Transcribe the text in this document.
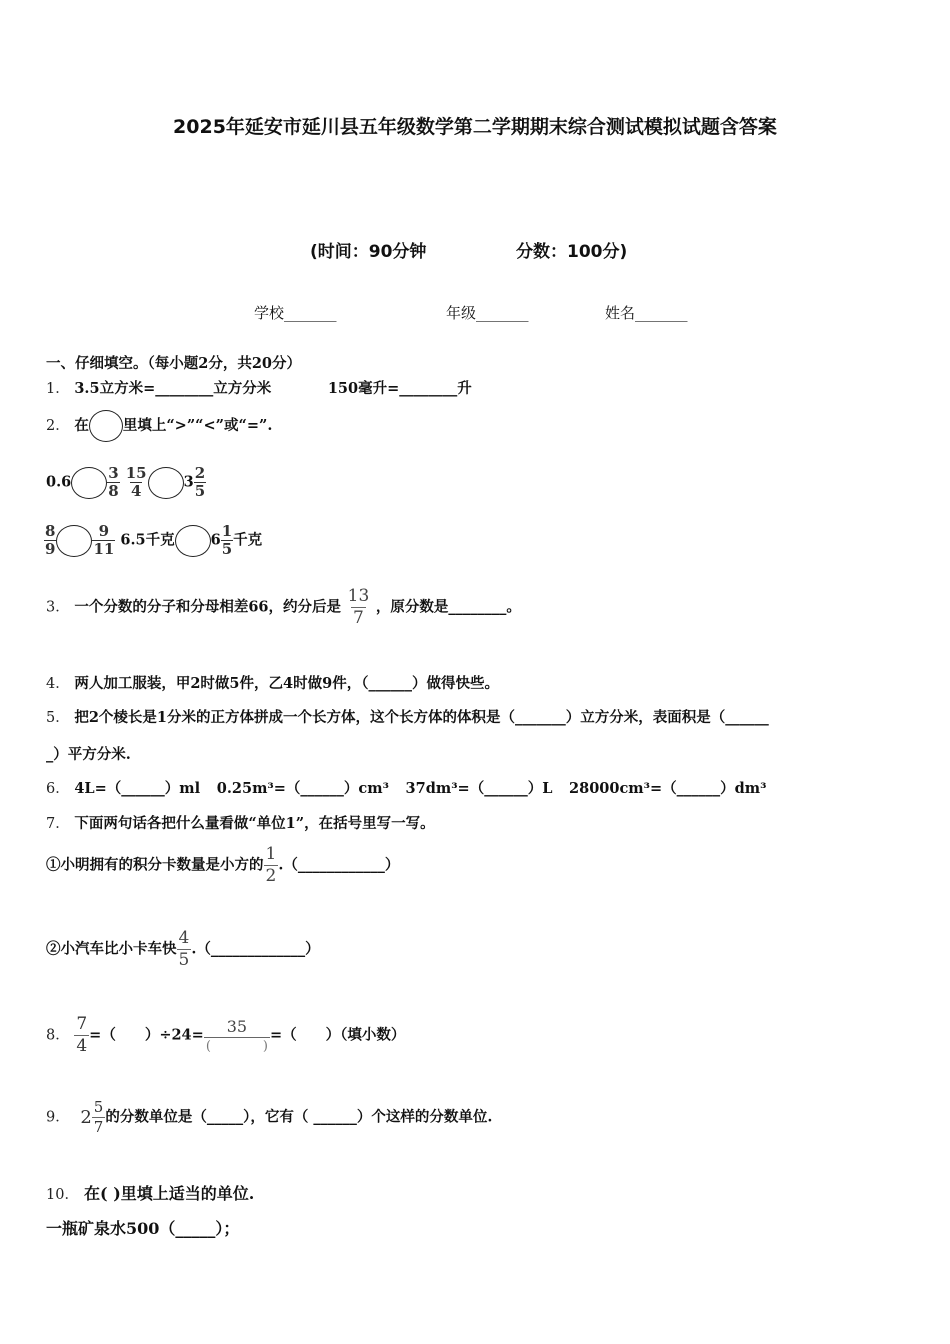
2025年延安市延川县五年级数学第二学期期末综合测试模拟试题含答案
(时间：90分钟	分数：100分)
学校_______	年级_______	姓名_______
一、仔细填空。（每小题2分，共20分）
1． 3.5立方米=________立方分米	150毫升=________升
2． 在 里填上“>”“<”或“=”.
$0.6 \frac{3}{8}$
$\frac{15}{4} 3 \frac{2}{5}$
$\frac{8}{9} \frac{9}{11} 6.5$千克 $6 \frac{1}{5}$ 千克
3． 一个分数的分子和分母相差66，约分后是 $\frac{13}{7}$ ，原分数是________。
4． 两人加工服装，甲2时做5件，乙4时做9件，（______）做得快些。
5． 把2个棱长是1分米的正方体拼成一个长方体，这个长方体的体积是（_______）立方分米，表面积是（______
_）平方分米.
6． 4L=（______）ml 0.25m³=（______）cm³ 37dm³=（______）L 28000cm³=（______）dm³
7． 下面两句话各把什么量看做“单位1”，在括号里写一写。
①小明拥有的积分卡数量是小方的 $\frac{1}{2}$ .（____________）
②小汽车比小卡车快 $\frac{4}{5}$ .（_____________）
8． $\frac{7}{4}$ =（　　）$\div 24= \frac{35}{( )}$ =（　　）（填小数）
9． $2 \frac{5}{7}$ 的分数单位是（_____），它有（ ______）个这样的分数单位.
10． 在( )里填上适当的单位.
一瓶矿泉水500（_____）；
